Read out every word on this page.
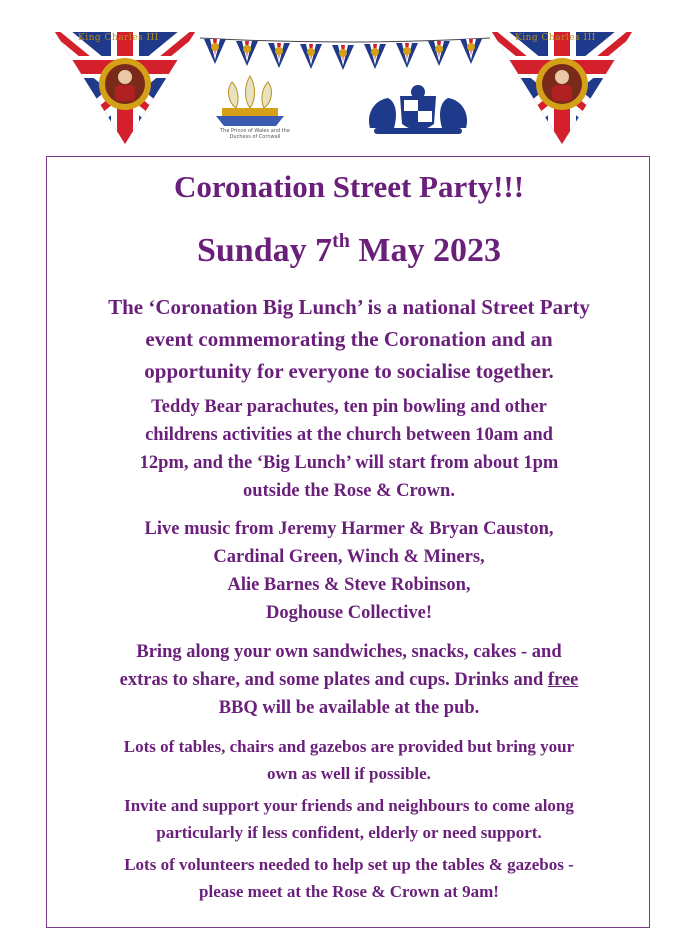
King Charles III	King Charles III
The Prince of Wales and the Duchess of Cornwall

Coronation Street Party!!!

Sunday 7th May 2023

The ‘Coronation Big Lunch’ is a national Street Party
event commemorating the Coronation and an
opportunity for everyone to socialise together.

Teddy Bear parachutes, ten pin bowling and other
childrens activities at the church between 10am and
12pm, and the ‘Big Lunch’ will start from about 1pm
outside the Rose & Crown.

Live music from Jeremy Harmer & Bryan Causton,
Cardinal Green, Winch & Miners,
Alie Barnes & Steve Robinson,
Doghouse Collective!

Bring along your own sandwiches, snacks, cakes - and
extras to share, and some plates and cups. Drinks and free
BBQ will be available at the pub.

Lots of tables, chairs and gazebos are provided but bring your
own as well if possible.

Invite and support your friends and neighbours to come along
particularly if less confident, elderly or need support.

Lots of volunteers needed to help set up the tables & gazebos -
please meet at the Rose & Crown at 9am!
